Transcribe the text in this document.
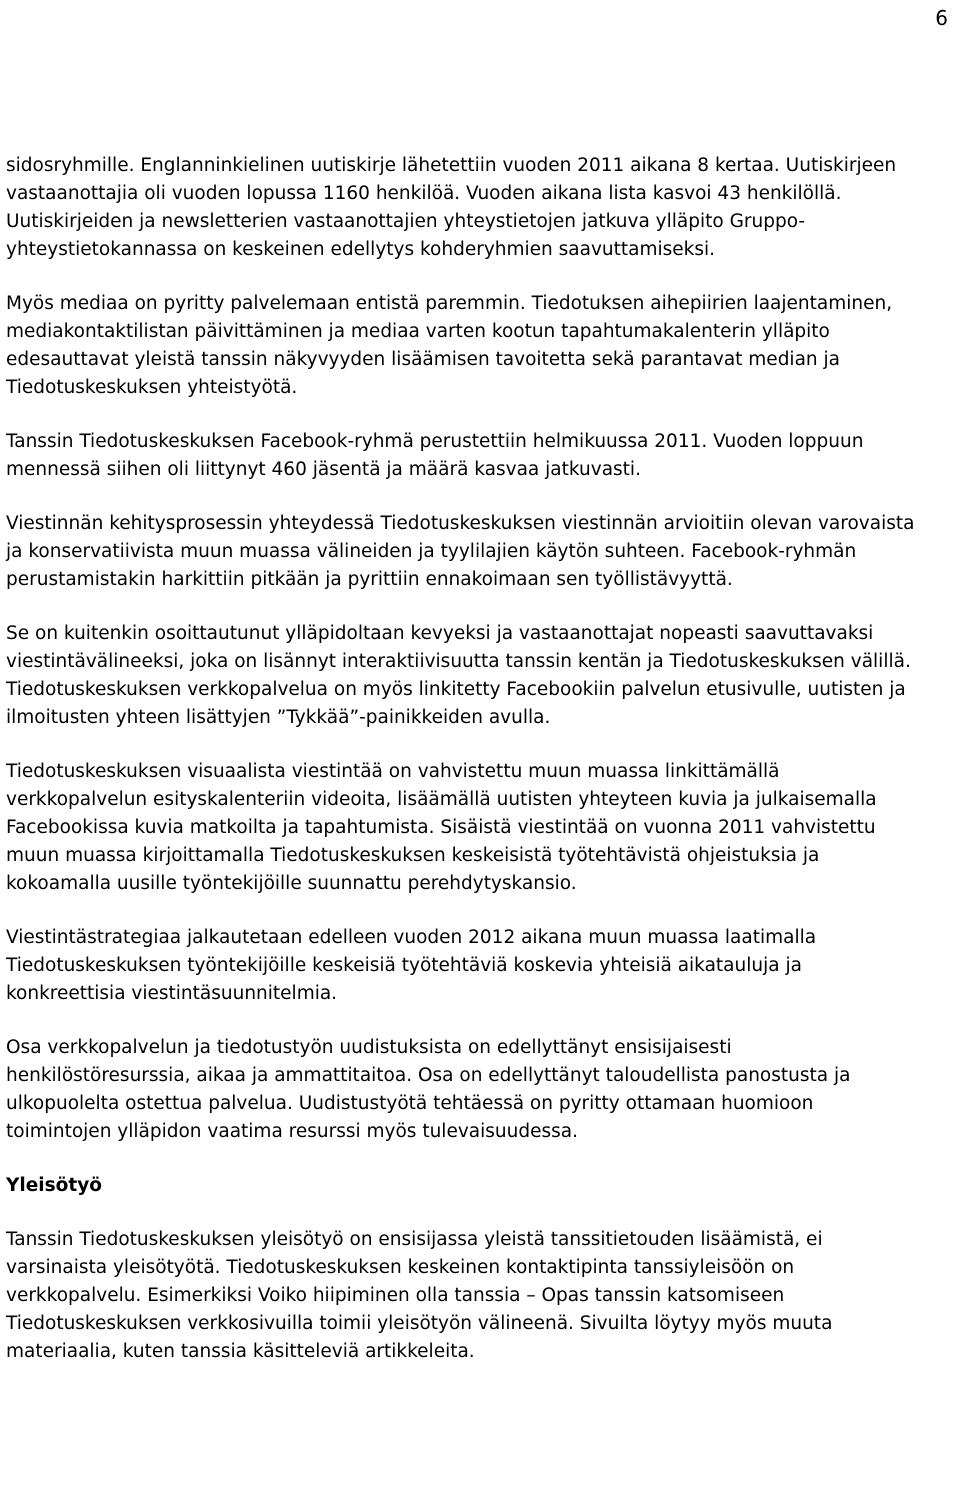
6

sidosryhmille. Englanninkielinen uutiskirje lähetettiin vuoden 2011 aikana 8 kertaa. Uutiskirjeen vastaanottajia oli vuoden lopussa 1160 henkilöä. Vuoden aikana lista kasvoi 43 henkilöllä. Uutiskirjeiden ja newsletterien vastaanottajien yhteystietojen jatkuva ylläpito Gruppo-yhteystietokannassa on keskeinen edellytys kohderyhmien saavuttamiseksi.

Myös mediaa on pyritty palvelemaan entistä paremmin. Tiedotuksen aihepiirien laajentaminen, mediakontaktilistan päivittäminen ja mediaa varten kootun tapahtumakalenterin ylläpito edesauttavat yleistä tanssin näkyvyyden lisäämisen tavoitetta sekä parantavat median ja Tiedotuskeskuksen yhteistyötä.

Tanssin Tiedotuskeskuksen Facebook-ryhmä perustettiin helmikuussa 2011. Vuoden loppuun mennessä siihen oli liittynyt 460 jäsentä ja määrä kasvaa jatkuvasti.

Viestinnän kehitysprosessin yhteydessä Tiedotuskeskuksen viestinnän arvioitiin olevan varovaista ja konservatiivista muun muassa välineiden ja tyylilajien käytön suhteen. Facebook-ryhmän perustamistakin harkittiin pitkään ja pyrittiin ennakoimaan sen työllistävyyttä.

Se on kuitenkin osoittautunut ylläpidoltaan kevyeksi ja vastaanottajat nopeasti saavuttavaksi viestintävälineeksi, joka on lisännyt interaktiivisuutta tanssin kentän ja Tiedotuskeskuksen välillä. Tiedotuskeskuksen verkkopalvelua on myös linkitetty Facebookiin palvelun etusivulle, uutisten ja ilmoitusten yhteen lisättyjen ”Tykkää”-painikkeiden avulla.

Tiedotuskeskuksen visuaalista viestintää on vahvistettu muun muassa linkittämällä verkkopalvelun esityskalenteriin videoita, lisäämällä uutisten yhteyteen kuvia ja julkaisemalla Facebookissa kuvia matkoilta ja tapahtumista. Sisäistä viestintää on vuonna 2011 vahvistettu muun muassa kirjoittamalla Tiedotuskeskuksen keskeisistä työtehtävistä ohjeistuksia ja kokoamalla uusille työntekijöille suunnattu perehdytyskansio.

Viestintästrategiaa jalkautetaan edelleen vuoden 2012 aikana muun muassa laatimalla Tiedotuskeskuksen työntekijöille keskeisiä työtehtäviä koskevia yhteisiä aikatauluja ja konkreettisia viestintäsuunnitelmia.

Osa verkkopalvelun ja tiedotustyön uudistuksista on edellyttänyt ensisijaisesti henkilöstöresurssia, aikaa ja ammattitaitoa. Osa on edellyttänyt taloudellista panostusta ja ulkopuolelta ostettua palvelua. Uudistustyötä tehtäessä on pyritty ottamaan huomioon toimintojen ylläpidon vaatima resurssi myös tulevaisuudessa.

Yleisötyö

Tanssin Tiedotuskeskuksen yleisötyö on ensisijassa yleistä tanssitietouden lisäämistä, ei varsinaista yleisötyötä. Tiedotuskeskuksen keskeinen kontaktipinta tanssiyleisöön on verkkopalvelu. Esimerkiksi Voiko hiipiminen olla tanssia – Opas tanssin katsomiseen Tiedotuskeskuksen verkkosivuilla toimii yleisötyön välineenä. Sivuilta löytyy myös muuta materiaalia, kuten tanssia käsitteleviä artikkeleita.
